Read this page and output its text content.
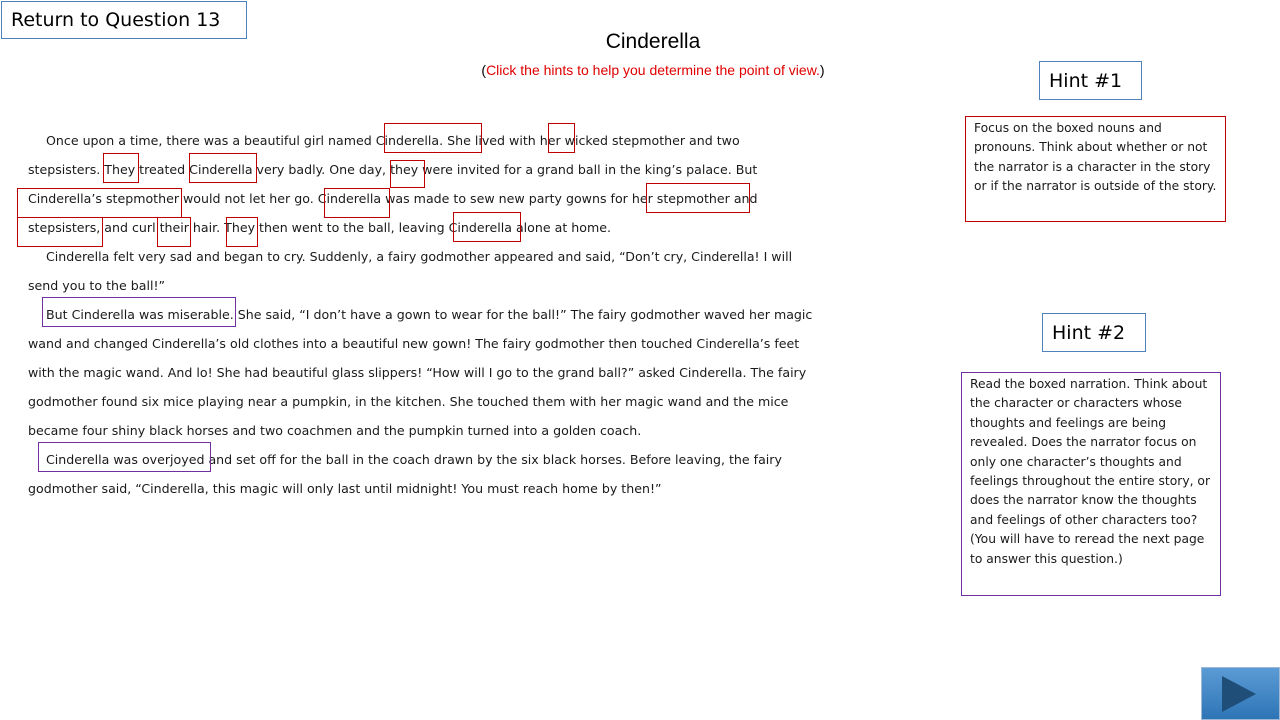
Return to Question 13
Cinderella
(Click the hints to help you determine the point of view.)
Once upon a time, there was a beautiful girl named Cinderella. She lived with her wicked stepmother and two
stepsisters. They treated Cinderella very badly. One day, they were invited for a grand ball in the king’s palace. But
Cinderella’s stepmother would not let her go. Cinderella was made to sew new party gowns for her stepmother and
stepsisters, and curl their hair. They then went to the ball, leaving Cinderella alone at home.
Cinderella felt very sad and began to cry. Suddenly, a fairy godmother appeared and said, “Don’t cry, Cinderella! I will
send you to the ball!”
But Cinderella was miserable. She said, “I don’t have a gown to wear for the ball!” The fairy godmother waved her magic
wand and changed Cinderella’s old clothes into a beautiful new gown! The fairy godmother then touched Cinderella’s feet
with the magic wand. And lo! She had beautiful glass slippers! “How will I go to the grand ball?” asked Cinderella. The fairy
godmother found six mice playing near a pumpkin, in the kitchen. She touched them with her magic wand and the mice
became four shiny black horses and two coachmen and the pumpkin turned into a golden coach.
Cinderella was overjoyed and set off for the ball in the coach drawn by the six black horses. Before leaving, the fairy
godmother said, “Cinderella, this magic will only last until midnight! You must reach home by then!”
Hint #1
Focus on the boxed nouns and pronouns. Think about whether or not the narrator is a character in the story or if the narrator is outside of the story.
Hint #2
Read the boxed narration. Think about the character or characters whose thoughts and feelings are being revealed. Does the narrator focus on only one character’s thoughts and feelings throughout the entire story, or does the narrator know the thoughts and feelings of other characters too? (You will have to reread the next page to answer this question.)
